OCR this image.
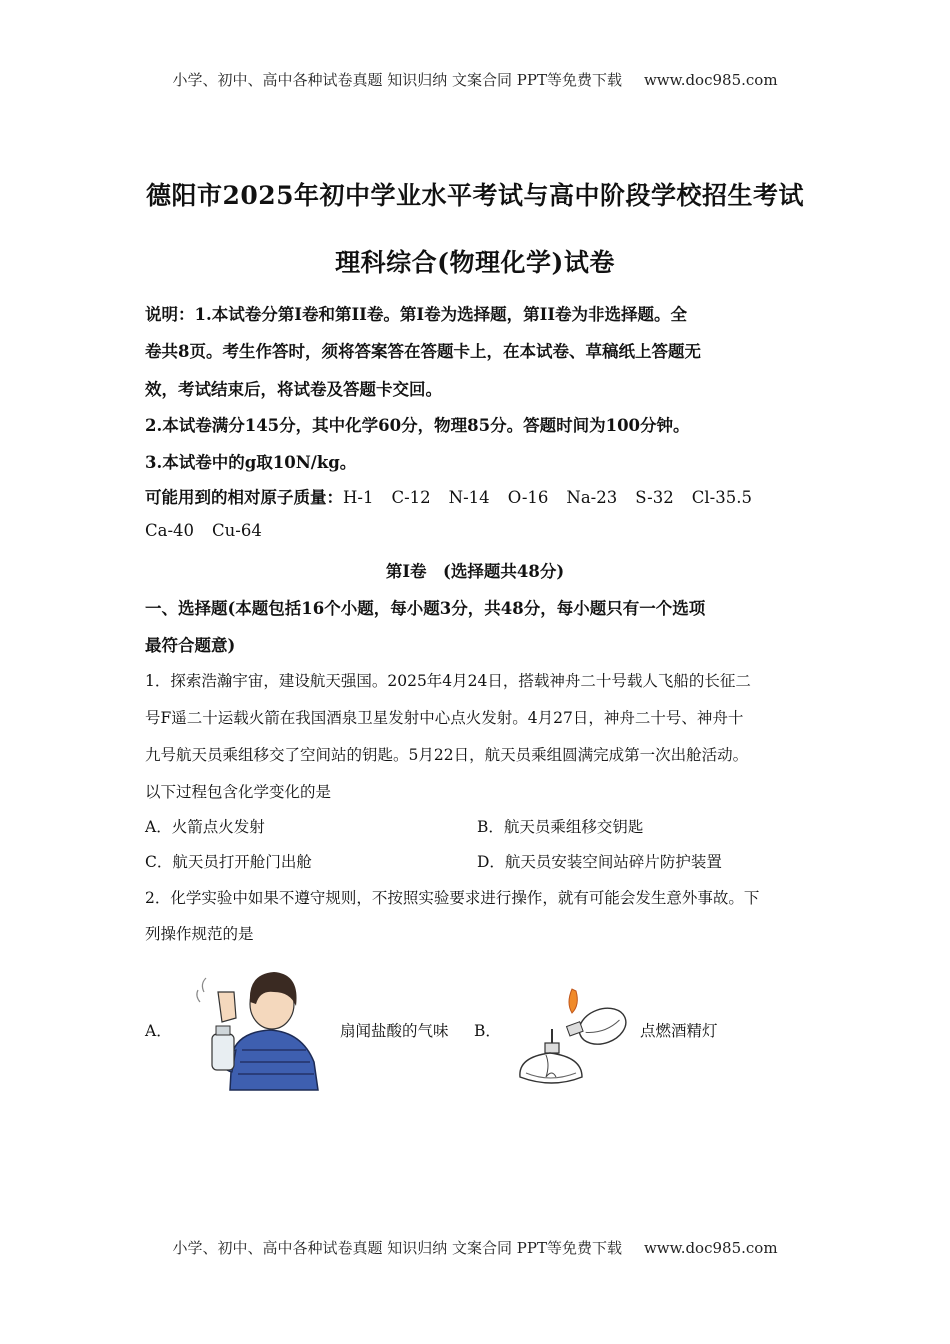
小学、初中、高中各种试卷真题 知识归纳 文案合同 PPT等免费下载 www.doc985.com
德阳市2025年初中学业水平考试与高中阶段学校招生考试
理科综合(物理化学)试卷
说明：1.本试卷分第I卷和第II卷。第I卷为选择题，第II卷为非选择题。全
卷共8页。考生作答时，须将答案答在答题卡上，在本试卷、草稿纸上答题无
效，考试结束后，将试卷及答题卡交回。
2.本试卷满分145分，其中化学60分，物理85分。答题时间为100分钟。
3.本试卷中的g取10N/kg。
可能用到的相对原子质量：H-1 C-12 N-14 O-16 Na-23 S-32 Cl-35.5
Ca-40 Cu-64
第I卷　(选择题共48分)
一、选择题(本题包括16个小题，每小题3分，共48分，每小题只有一个选项
最符合题意)
1．探索浩瀚宇宙，建设航天强国。2025年4月24日，搭载神舟二十号载人飞船的长征二
号F遥二十运载火箭在我国酒泉卫星发射中心点火发射。4月27日，神舟二十号、神舟十
九号航天员乘组移交了空间站的钥匙。5月22日，航天员乘组圆满完成第一次出舱活动。
以下过程包含化学变化的是
A．火箭点火发射	B．航天员乘组移交钥匙
C．航天员打开舱门出舱	D．航天员安装空间站碎片防护装置
2．化学实验中如果不遵守规则，不按照实验要求进行操作，就有可能会发生意外事故。下
列操作规范的是
A．	扇闻盐酸的气味 B．	点燃酒精灯
小学、初中、高中各种试卷真题 知识归纳 文案合同 PPT等免费下载 www.doc985.com
